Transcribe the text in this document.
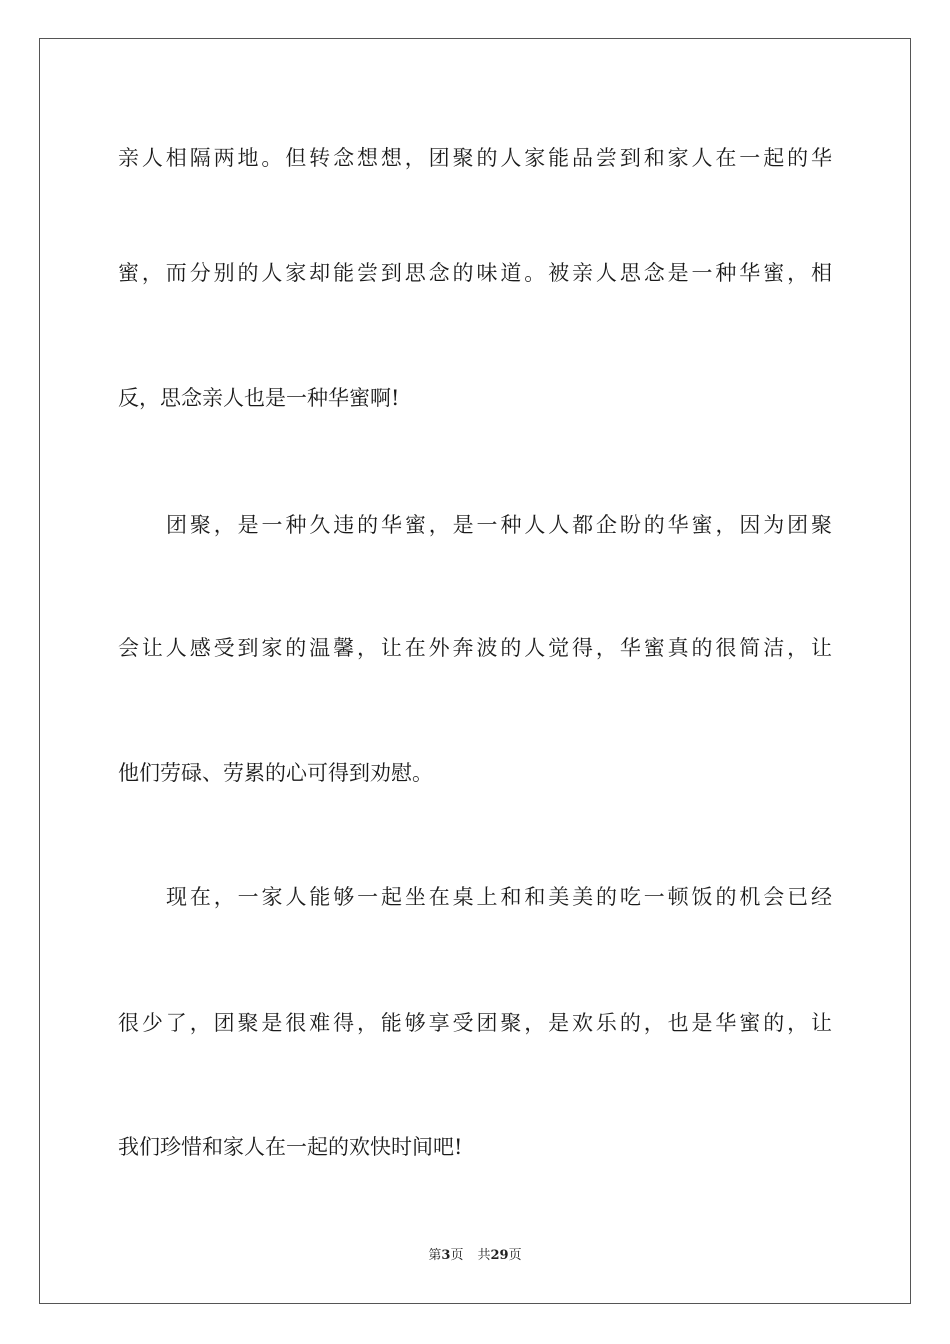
亲人相隔两地。但转念想想，团聚的人家能品尝到和家人在一起的华
蜜，而分别的人家却能尝到思念的味道。被亲人思念是一种华蜜，相
反，思念亲人也是一种华蜜啊!
团聚，是一种久违的华蜜，是一种人人都企盼的华蜜，因为团聚
会让人感受到家的温馨，让在外奔波的人觉得，华蜜真的很简洁，让
他们劳碌、劳累的心可得到劝慰。
现在，一家人能够一起坐在桌上和和美美的吃一顿饭的机会已经
很少了，团聚是很难得，能够享受团聚，是欢乐的，也是华蜜的，让
我们珍惜和家人在一起的欢快时间吧!
第3页 共29页
